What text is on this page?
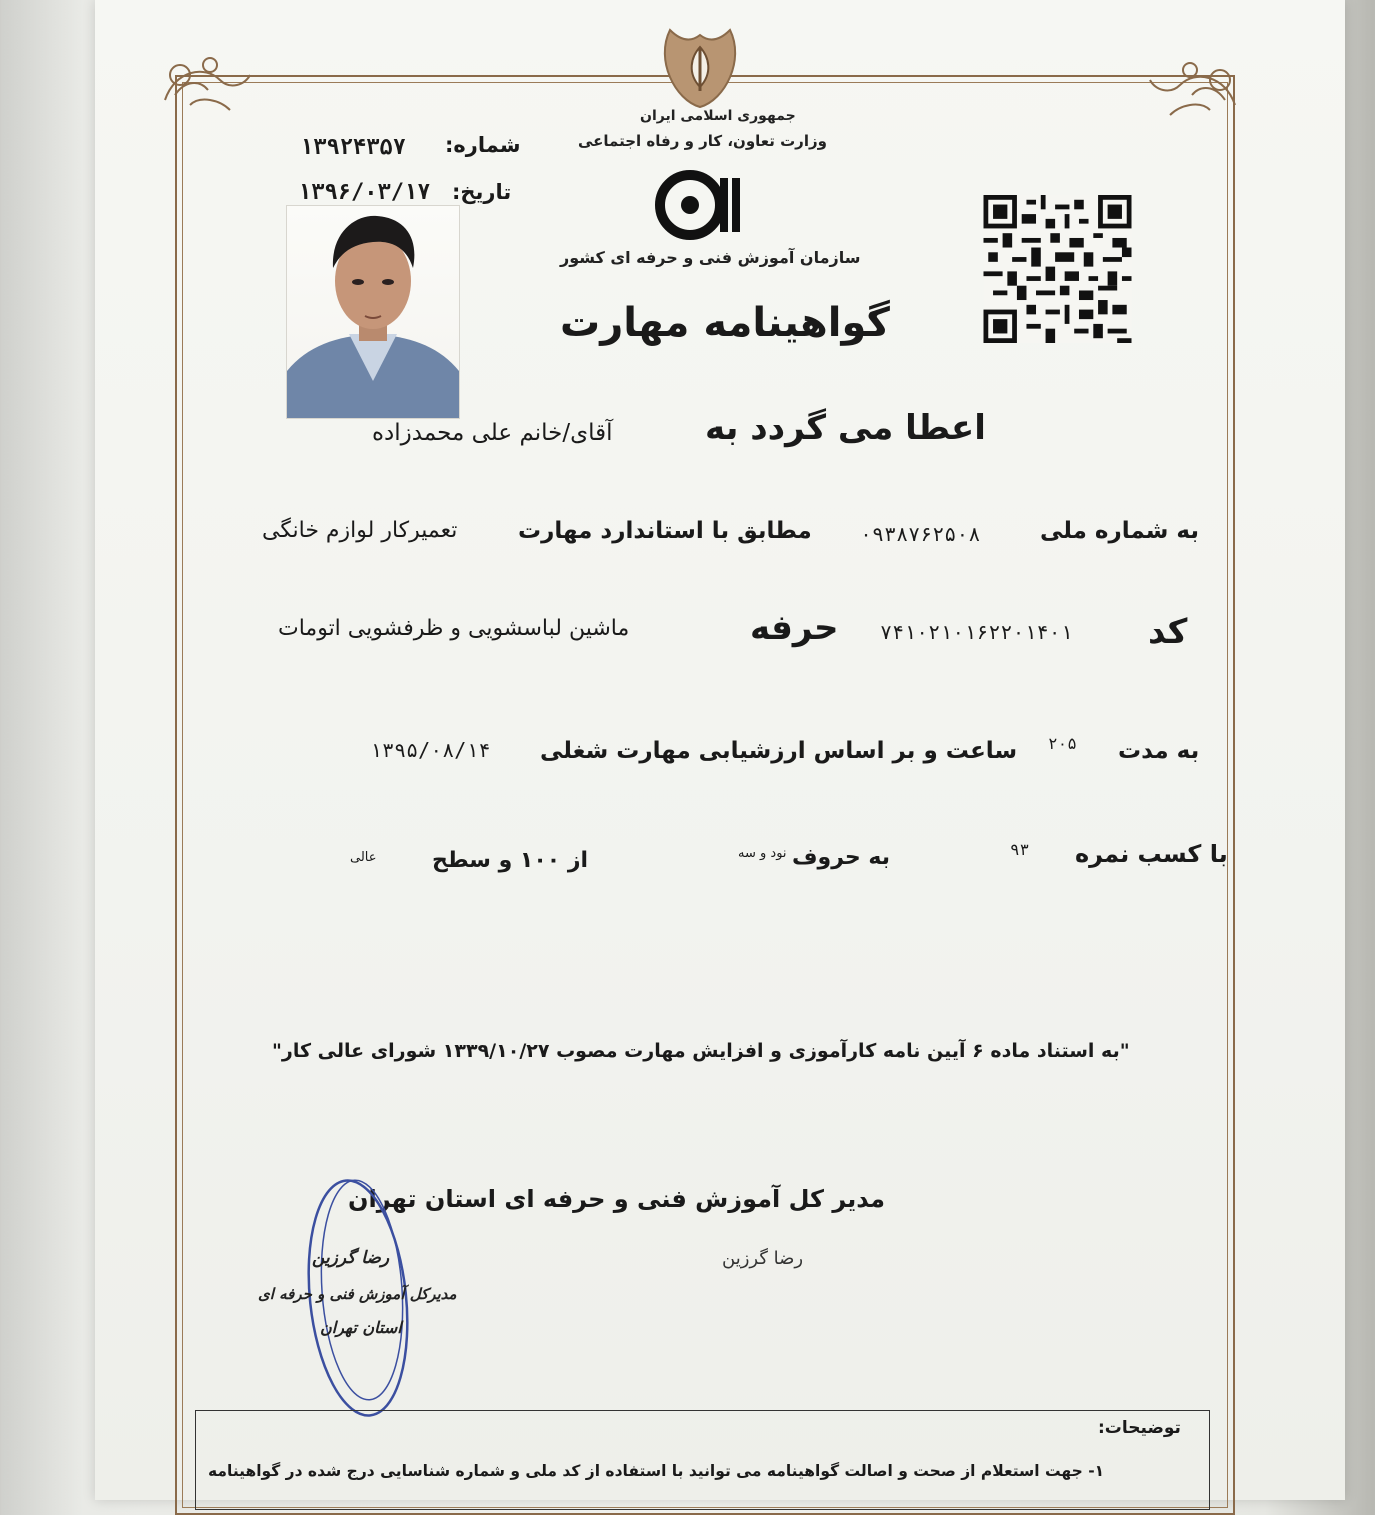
جمهوری اسلامی ایران
وزارت تعاون، کار و رفاه اجتماعی
شماره:
۱۳۹۲۴۳۵۷
تاریخ:
۱۳۹۶/۰۳/۱۷
سازمان آموزش فنی و حرفه ای کشور
گواهینامه مهارت
اعطا می گردد به
آقای/خانم علی محمدزاده
به شماره ملی
۰۹۳۸۷۶۲۵۰۸
مطابق با استاندارد مهارت
تعمیرکار لوازم خانگی
کد
۷۴۱۰۲۱۰۱۶۲۲۰۱۴۰۱
حرفه
ماشین لباسشویی و ظرفشویی اتومات
به مدت
۲۰۵
ساعت و بر اساس ارزشیابی مهارت شغلی
۱۳۹۵/۰۸/۱۴
با کسب نمره
۹۳
به حروف
نود و سه
از ۱۰۰ و سطح
عالی
"به استناد ماده ۶ آیین نامه کارآموزی و افزایش مهارت مصوب ۱۳۳۹/۱۰/۲۷ شورای عالی کار"
مدیر کل آموزش فنی و حرفه ای استان تهران
رضا گرزین
رضا گرزین
مدیرکل آموزش فنی و حرفه ای
استان تهران
توضیحات:
۱- جهت استعلام از صحت و اصالت گواهینامه می توانید با استفاده از کد ملی و شماره شناسایی درج شده در گواهینامه
